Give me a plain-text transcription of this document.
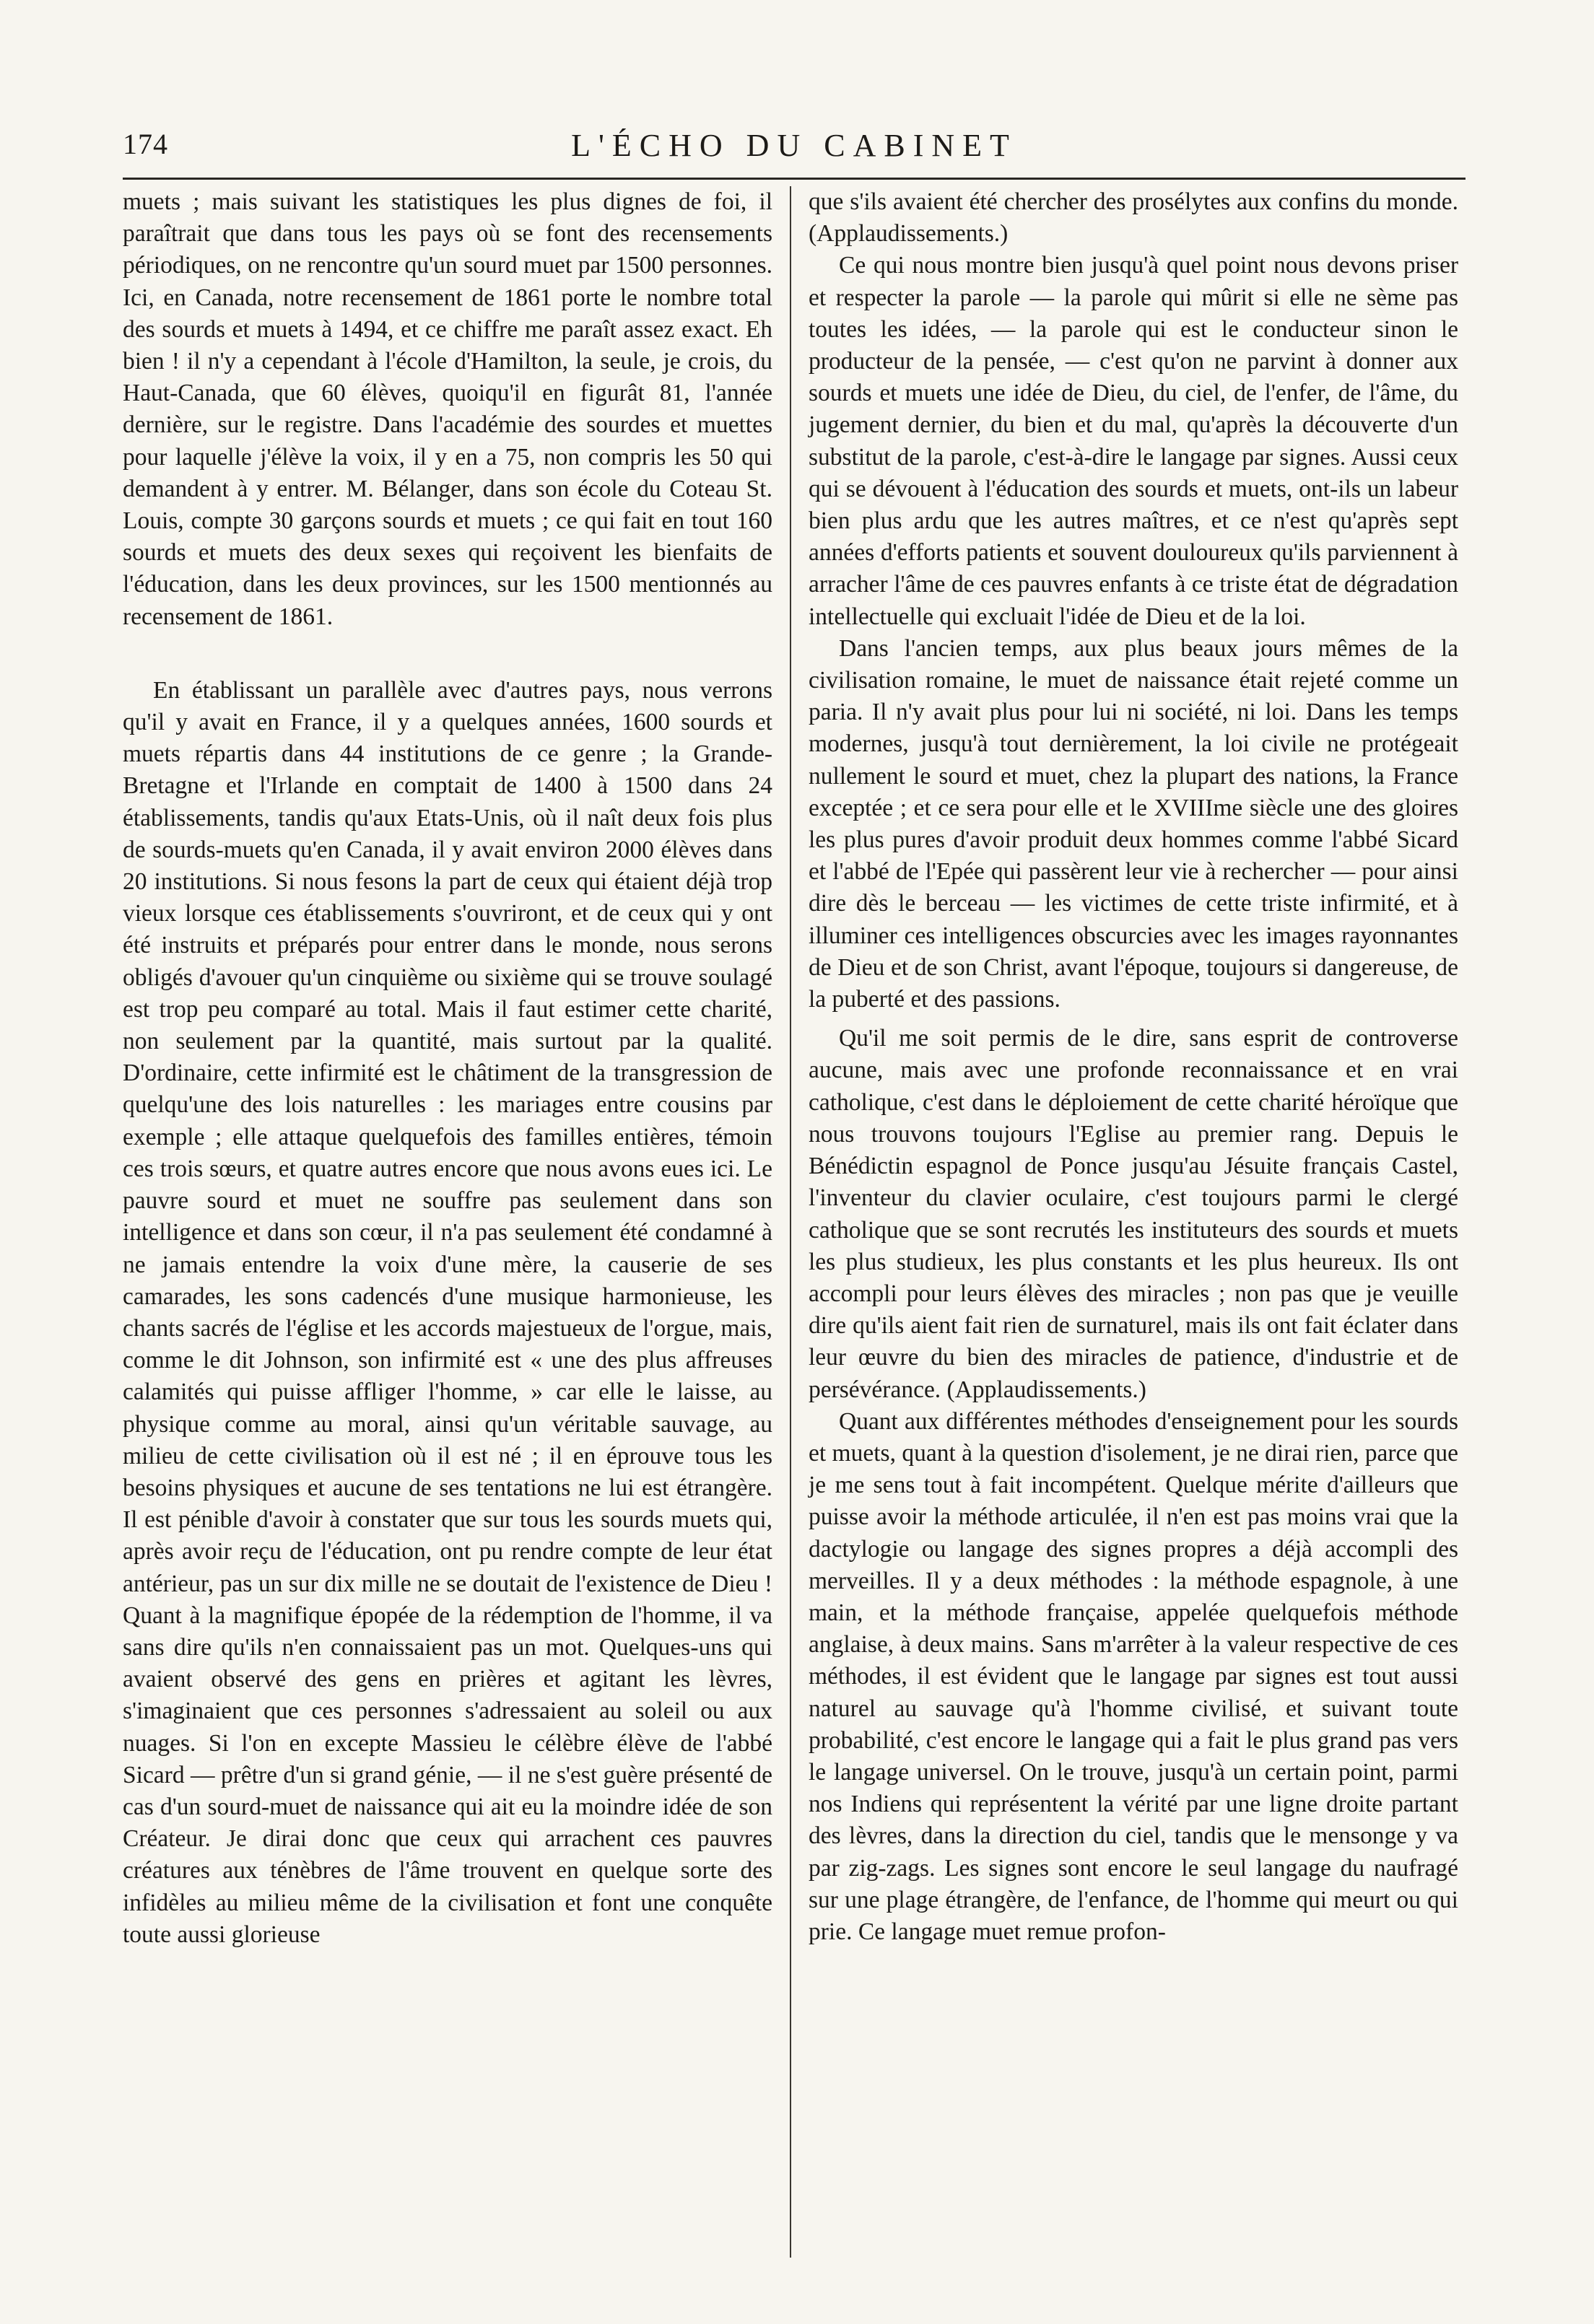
174	L'ÉCHO DU CABINET

muets ; mais suivant les statistiques les plus dignes de foi, il paraîtrait que dans tous les pays où se font des recensements périodiques, on ne rencontre qu'un sourd muet par 1500 personnes. Ici, en Canada, notre recensement de 1861 porte le nombre total des sourds et muets à 1494, et ce chiffre me paraît assez exact. Eh bien ! il n'y a cependant à l'école d'Hamilton, la seule, je crois, du Haut-Canada, que 60 élèves, quoiqu'il en figurât 81, l'année dernière, sur le registre. Dans l'académie des sourdes et muettes pour laquelle j'élève la voix, il y en a 75, non compris les 50 qui demandent à y entrer. M. Bélanger, dans son école du Coteau St. Louis, compte 30 garçons sourds et muets ; ce qui fait en tout 160 sourds et muets des deux sexes qui reçoivent les bienfaits de l'éducation, dans les deux provinces, sur les 1500 mentionnés au recensement de 1861.

En établissant un parallèle avec d'autres pays, nous verrons qu'il y avait en France, il y a quelques années, 1600 sourds et muets répartis dans 44 institutions de ce genre ; la Grande-Bretagne et l'Irlande en comptait de 1400 à 1500 dans 24 établissements, tandis qu'aux Etats-Unis, où il naît deux fois plus de sourds-muets qu'en Canada, il y avait environ 2000 élèves dans 20 institutions. Si nous fesons la part de ceux qui étaient déjà trop vieux lorsque ces établissements s'ouvriront, et de ceux qui y ont été instruits et préparés pour entrer dans le monde, nous serons obligés d'avouer qu'un cinquième ou sixième qui se trouve soulagé est trop peu comparé au total. Mais il faut estimer cette charité, non seulement par la quantité, mais surtout par la qualité. D'ordinaire, cette infirmité est le châtiment de la transgression de quelqu'une des lois naturelles : les mariages entre cousins par exemple ; elle attaque quelquefois des familles entières, témoin ces trois sœurs, et quatre autres encore que nous avons eues ici. Le pauvre sourd et muet ne souffre pas seulement dans son intelligence et dans son cœur, il n'a pas seulement été condamné à ne jamais entendre la voix d'une mère, la causerie de ses camarades, les sons cadencés d'une musique harmonieuse, les chants sacrés de l'église et les accords majestueux de l'orgue, mais, comme le dit Johnson, son infirmité est « une des plus affreuses calamités qui puisse affliger l'homme, » car elle le laisse, au physique comme au moral, ainsi qu'un véritable sauvage, au milieu de cette civilisation où il est né ; il en éprouve tous les besoins physiques et aucune de ses tentations ne lui est étrangère. Il est pénible d'avoir à constater que sur tous les sourds muets qui, après avoir reçu de l'éducation, ont pu rendre compte de leur état antérieur, pas un sur dix mille ne se doutait de l'existence de Dieu ! Quant à la magnifique épopée de la rédemption de l'homme, il va sans dire qu'ils n'en connaissaient pas un mot. Quelques-uns qui avaient observé des gens en prières et agitant les lèvres, s'imaginaient que ces personnes s'adressaient au soleil ou aux nuages. Si l'on en excepte Massieu le célèbre élève de l'abbé Sicard — prêtre d'un si grand génie, — il ne s'est guère présenté de cas d'un sourd-muet de naissance qui ait eu la moindre idée de son Créateur. Je dirai donc que ceux qui arrachent ces pauvres créatures aux ténèbres de l'âme trouvent en quelque sorte des infidèles au milieu même de la civilisation et font une conquête toute aussi glorieuse

que s'ils avaient été chercher des prosélytes aux confins du monde. (Applaudissements.)

Ce qui nous montre bien jusqu'à quel point nous devons priser et respecter la parole — la parole qui mûrit si elle ne sème pas toutes les idées, — la parole qui est le conducteur sinon le producteur de la pensée, — c'est qu'on ne parvint à donner aux sourds et muets une idée de Dieu, du ciel, de l'enfer, de l'âme, du jugement dernier, du bien et du mal, qu'après la découverte d'un substitut de la parole, c'est-à-dire le langage par signes. Aussi ceux qui se dévouent à l'éducation des sourds et muets, ont-ils un labeur bien plus ardu que les autres maîtres, et ce n'est qu'après sept années d'efforts patients et souvent douloureux qu'ils parviennent à arracher l'âme de ces pauvres enfants à ce triste état de dégradation intellectuelle qui excluait l'idée de Dieu et de la loi.

Dans l'ancien temps, aux plus beaux jours mêmes de la civilisation romaine, le muet de naissance était rejeté comme un paria. Il n'y avait plus pour lui ni société, ni loi. Dans les temps modernes, jusqu'à tout dernièrement, la loi civile ne protégeait nullement le sourd et muet, chez la plupart des nations, la France exceptée ; et ce sera pour elle et le XVIIIme siècle une des gloires les plus pures d'avoir produit deux hommes comme l'abbé Sicard et l'abbé de l'Epée qui passèrent leur vie à rechercher — pour ainsi dire dès le berceau — les victimes de cette triste infirmité, et à illuminer ces intelligences obscurcies avec les images rayonnantes de Dieu et de son Christ, avant l'époque, toujours si dangereuse, de la puberté et des passions.

Qu'il me soit permis de le dire, sans esprit de controverse aucune, mais avec une profonde reconnaissance et en vrai catholique, c'est dans le déploiement de cette charité héroïque que nous trouvons toujours l'Eglise au premier rang. Depuis le Bénédictin espagnol de Ponce jusqu'au Jésuite français Castel, l'inventeur du clavier oculaire, c'est toujours parmi le clergé catholique que se sont recrutés les instituteurs des sourds et muets les plus studieux, les plus constants et les plus heureux. Ils ont accompli pour leurs élèves des miracles ; non pas que je veuille dire qu'ils aient fait rien de surnaturel, mais ils ont fait éclater dans leur œuvre du bien des miracles de patience, d'industrie et de persévérance. (Applaudissements.)

Quant aux différentes méthodes d'enseignement pour les sourds et muets, quant à la question d'isolement, je ne dirai rien, parce que je me sens tout à fait incompétent. Quelque mérite d'ailleurs que puisse avoir la méthode articulée, il n'en est pas moins vrai que la dactylogie ou langage des signes propres a déjà accompli des merveilles. Il y a deux méthodes : la méthode espagnole, à une main, et la méthode française, appelée quelquefois méthode anglaise, à deux mains. Sans m'arrêter à la valeur respective de ces méthodes, il est évident que le langage par signes est tout aussi naturel au sauvage qu'à l'homme civilisé, et suivant toute probabilité, c'est encore le langage qui a fait le plus grand pas vers le langage universel. On le trouve, jusqu'à un certain point, parmi nos Indiens qui représentent la vérité par une ligne droite partant des lèvres, dans la direction du ciel, tandis que le mensonge y va par zig-zags. Les signes sont encore le seul langage du naufragé sur une plage étrangère, de l'enfance, de l'homme qui meurt ou qui prie. Ce langage muet remue profon-
